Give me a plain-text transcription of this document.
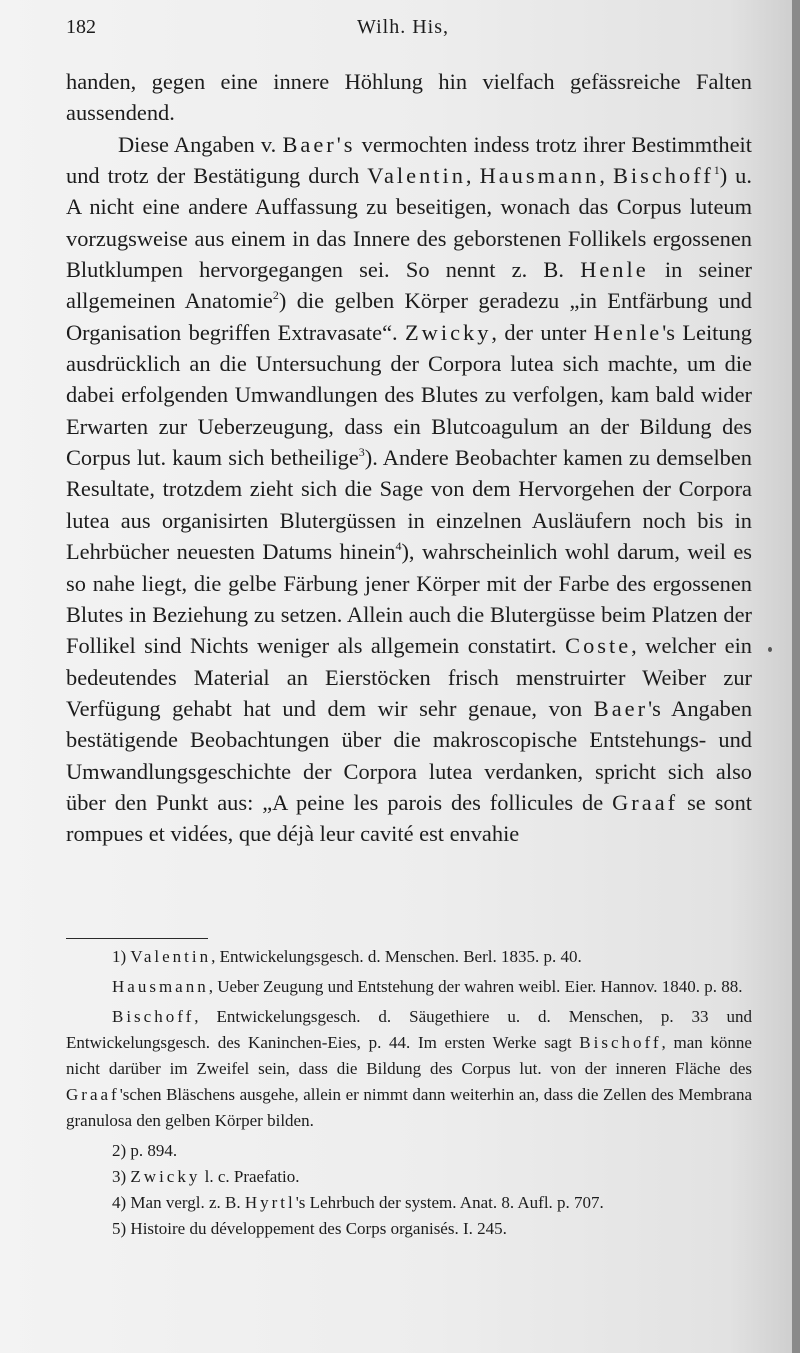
182	Wilh. His,

handen, gegen eine innere Höhlung hin vielfach gefässreiche Falten aussendend.

Diese Angaben v. Baer's vermochten indess trotz ihrer Bestimmtheit und trotz der Bestätigung durch Valentin, Hausmann, Bischoff$^1$) u. A nicht eine andere Auffassung zu beseitigen, wonach das Corpus luteum vorzugsweise aus einem in das Innere des geborstenen Follikels ergossenen Blutklumpen hervorgegangen sei. So nennt z. B. Henle in seiner allgemeinen Anatomie$^2$) die gelben Körper geradezu „in Entfärbung und Organisation begriffen Extravasate“. Zwicky, der unter Henle's Leitung ausdrücklich an die Untersuchung der Corpora lutea sich machte, um die dabei erfolgenden Umwandlungen des Blutes zu verfolgen, kam bald wider Erwarten zur Ueberzeugung, dass ein Blutcoagulum an der Bildung des Corpus lut. kaum sich betheilige$^3$). Andere Beobachter kamen zu demselben Resultate, trotzdem zieht sich die Sage von dem Hervorgehen der Corpora lutea aus organisirten Blutergüssen in einzelnen Ausläufern noch bis in Lehrbücher neuesten Datums hinein$^4$), wahrscheinlich wohl darum, weil es so nahe liegt, die gelbe Färbung jener Körper mit der Farbe des ergossenen Blutes in Beziehung zu setzen. Allein auch die Blutergüsse beim Platzen der Follikel sind Nichts weniger als allgemein constatirt. Coste, welcher ein bedeutendes Material an Eierstöcken frisch menstruirter Weiber zur Verfügung gehabt hat und dem wir sehr genaue, von Baer's Angaben bestätigende Beobachtungen über die makroscopische Entstehungs- und Umwandlungsgeschichte der Corpora lutea verdanken, spricht sich also über den Punkt aus: „A peine les parois des follicules de Graaf se sont rompues et vidées, que déjà leur cavité est envahie

1) Valentin, Entwickelungsgesch. d. Menschen. Berl. 1835. p. 40.

Hausmann, Ueber Zeugung und Entstehung der wahren weibl. Eier. Hannov. 1840. p. 88.

Bischoff, Entwickelungsgesch. d. Säugethiere u. d. Menschen, p. 33 und Entwickelungsgesch. des Kaninchen-Eies, p. 44. Im ersten Werke sagt Bischoff, man könne nicht darüber im Zweifel sein, dass die Bildung des Corpus lut. von der inneren Fläche des Graaf'schen Bläschens ausgehe, allein er nimmt dann weiterhin an, dass die Zellen des Membrana granulosa den gelben Körper bilden.

2) p. 894.

3) Zwicky l. c. Praefatio.

4) Man vergl. z. B. Hyrtl's Lehrbuch der system. Anat. 8. Aufl. p. 707.

5) Histoire du développement des Corps organisés. I. 245.
